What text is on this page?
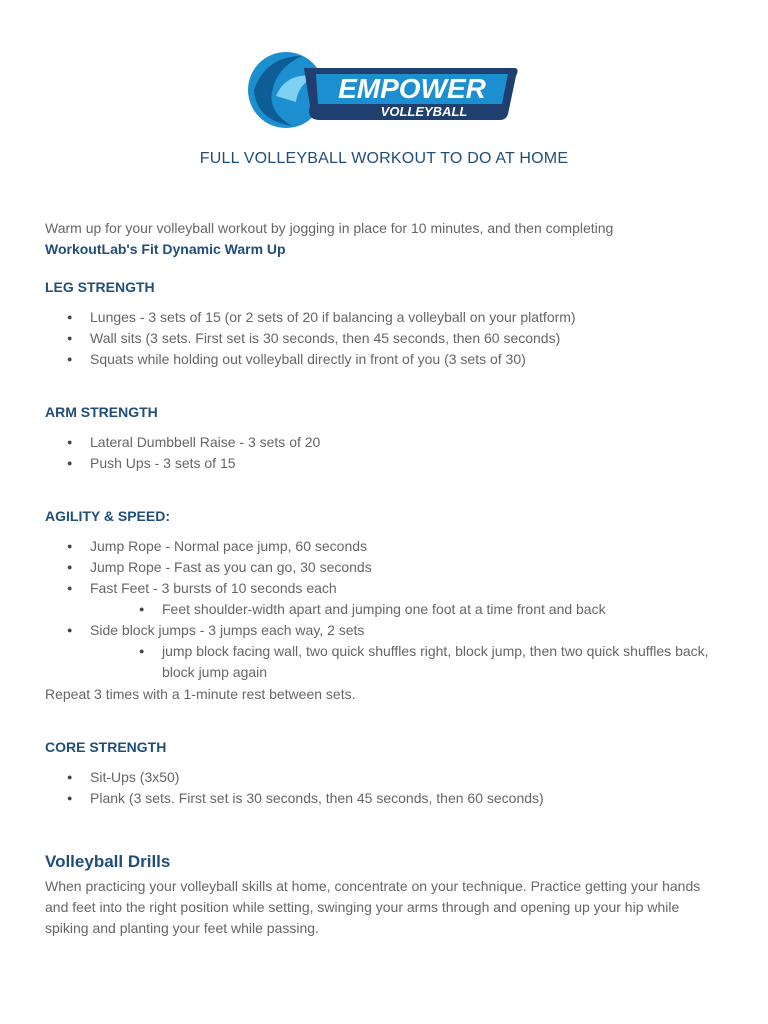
EMPOWER
VOLLEYBALL
FULL VOLLEYBALL WORKOUT TO DO AT HOME
Warm up for your volleyball workout by jogging in place for 10 minutes, and then completing
WorkoutLab's Fit Dynamic Warm Up
LEG STRENGTH
● Lunges - 3 sets of 15 (or 2 sets of 20 if balancing a volleyball on your platform)
● Wall sits (3 sets. First set is 30 seconds, then 45 seconds, then 60 seconds)
● Squats while holding out volleyball directly in front of you (3 sets of 30)
ARM STRENGTH
● Lateral Dumbbell Raise - 3 sets of 20
● Push Ups - 3 sets of 15
AGILITY & SPEED:
● Jump Rope - Normal pace jump, 60 seconds
● Jump Rope - Fast as you can go, 30 seconds
● Fast Feet - 3 bursts of 10 seconds each
● Feet shoulder-width apart and jumping one foot at a time front and back
● Side block jumps - 3 jumps each way, 2 sets
● jump block facing wall, two quick shuffles right, block jump, then two quick shuffles back, block jump again
Repeat 3 times with a 1-minute rest between sets.
CORE STRENGTH
● Sit-Ups (3x50)
● Plank (3 sets. First set is 30 seconds, then 45 seconds, then 60 seconds)
Volleyball Drills
When practicing your volleyball skills at home, concentrate on your technique. Practice getting your hands and feet into the right position while setting, swinging your arms through and opening up your hip while spiking and planting your feet while passing.
